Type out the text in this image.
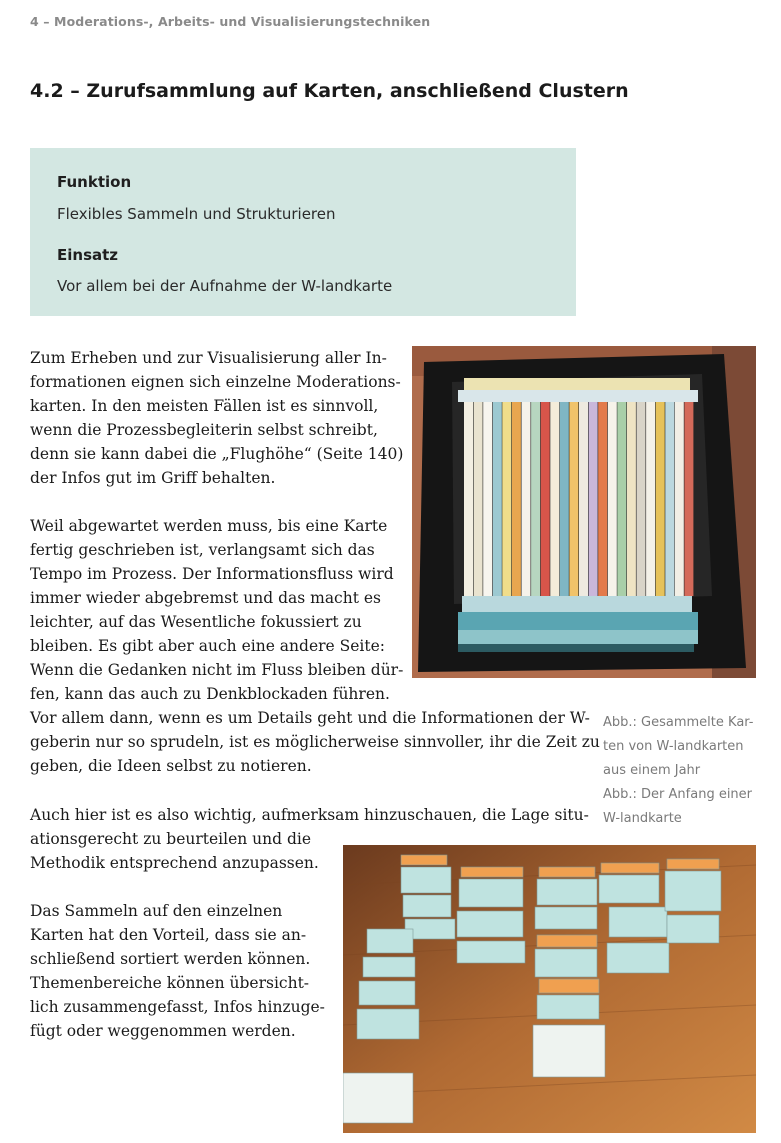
4 – Moderations-, Arbeits- und Visualisierungstechniken
4.2 – Zurufsammlung auf Karten, anschließend Clustern
Funktion
Flexibles Sammeln und Strukturieren
Einsatz
Vor allem bei der Aufnahme der W-landkarte
Zum Erheben und zur Visualisierung aller In-
formationen eignen sich einzelne Moderations-
karten. In den meisten Fällen ist es sinnvoll,
wenn die Prozessbegleiterin selbst schreibt,
denn sie kann dabei die „Flughöhe“ (Seite 140)
der Infos gut im Griff behalten.
Weil abgewartet werden muss, bis eine Karte
fertig geschrieben ist, verlangsamt sich das
Tempo im Prozess. Der Informationsfluss wird
immer wieder abgebremst und das macht es
leichter, auf das Wesentliche fokussiert zu
bleiben. Es gibt aber auch eine andere Seite:
Wenn die Gedanken nicht im Fluss bleiben dür-
fen, kann das auch zu Denkblockaden führen.
Vor allem dann, wenn es um Details geht und die Informationen der W-
geberin nur so sprudeln, ist es möglicherweise sinnvoller, ihr die Zeit zu
geben, die Ideen selbst zu notieren.
Auch hier ist es also wichtig, aufmerksam hinzuschauen, die Lage situ-
ationsgerecht zu beurteilen und die
Methodik entsprechend anzupassen.
Das Sammeln auf den einzelnen
Karten hat den Vorteil, dass sie an-
schließend sortiert werden können.
Themenbereiche können übersicht-
lich zusammengefasst, Infos hinzuge-
fügt oder weggenommen werden.
Abb.: Gesammelte Kar-
ten von W-landkarten
aus einem Jahr
Abb.: Der Anfang einer
W-landkarte
